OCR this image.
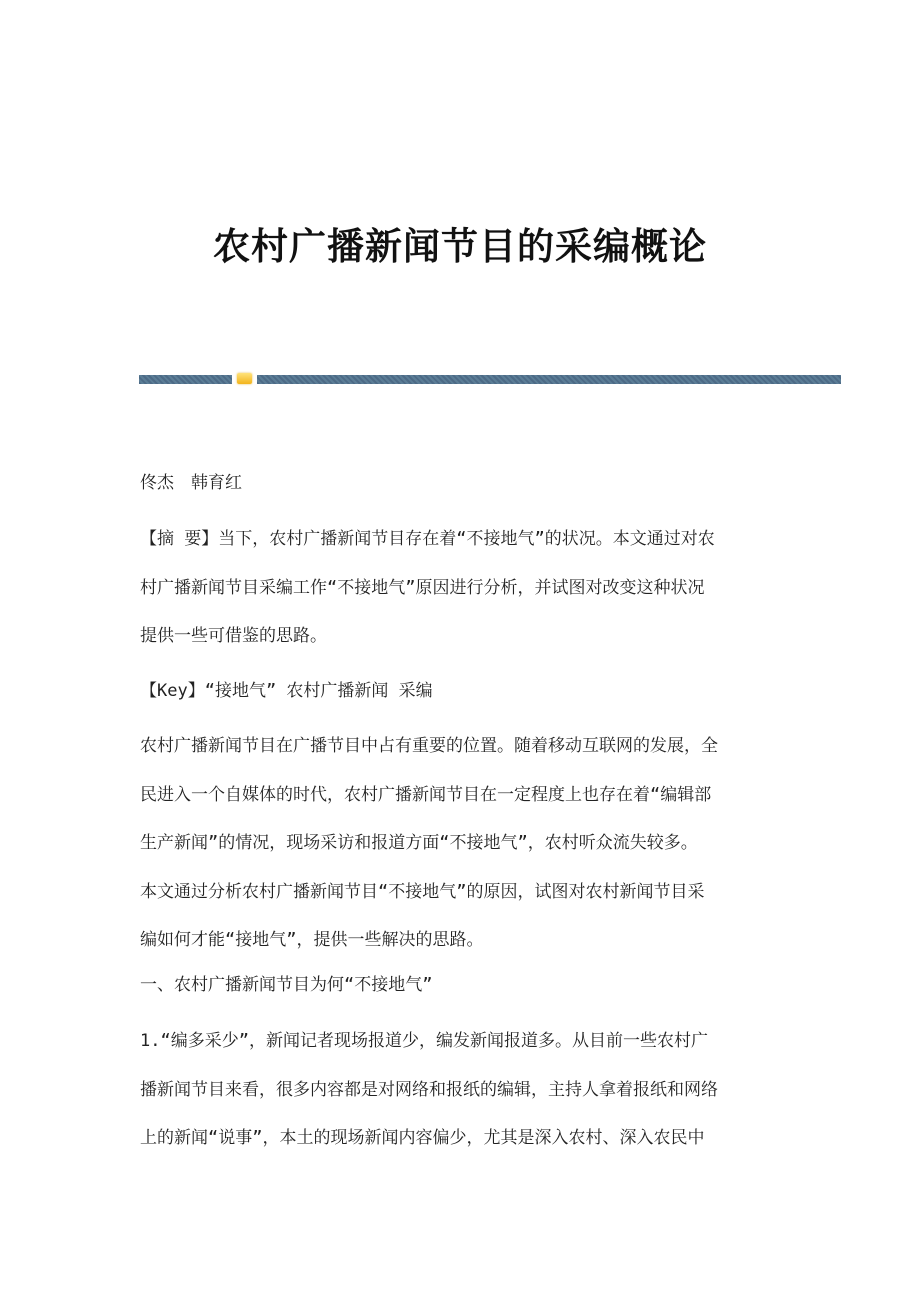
农村广播新闻节目的采编概论
佟杰　韩育红

【摘 要】当下，农村广播新闻节目存在着“不接地气”的状况。本文通过对农

村广播新闻节目采编工作“不接地气”原因进行分析，并试图对改变这种状况

提供一些可借鉴的思路。

【Key】“接地气” 农村广播新闻 采编

农村广播新闻节目在广播节目中占有重要的位置。随着移动互联网的发展，全

民进入一个自媒体的时代，农村广播新闻节目在一定程度上也存在着“编辑部

生产新闻”的情况，现场采访和报道方面“不接地气”，农村听众流失较多。

本文通过分析农村广播新闻节目“不接地气”的原因，试图对农村新闻节目采

编如何才能“接地气”，提供一些解决的思路。

一、农村广播新闻节目为何“不接地气”

1.“编多采少”，新闻记者现场报道少，编发新闻报道多。从目前一些农村广

播新闻节目来看，很多内容都是对网络和报纸的编辑，主持人拿着报纸和网络

上的新闻“说事”，本土的现场新闻内容偏少，尤其是深入农村、深入农民中
